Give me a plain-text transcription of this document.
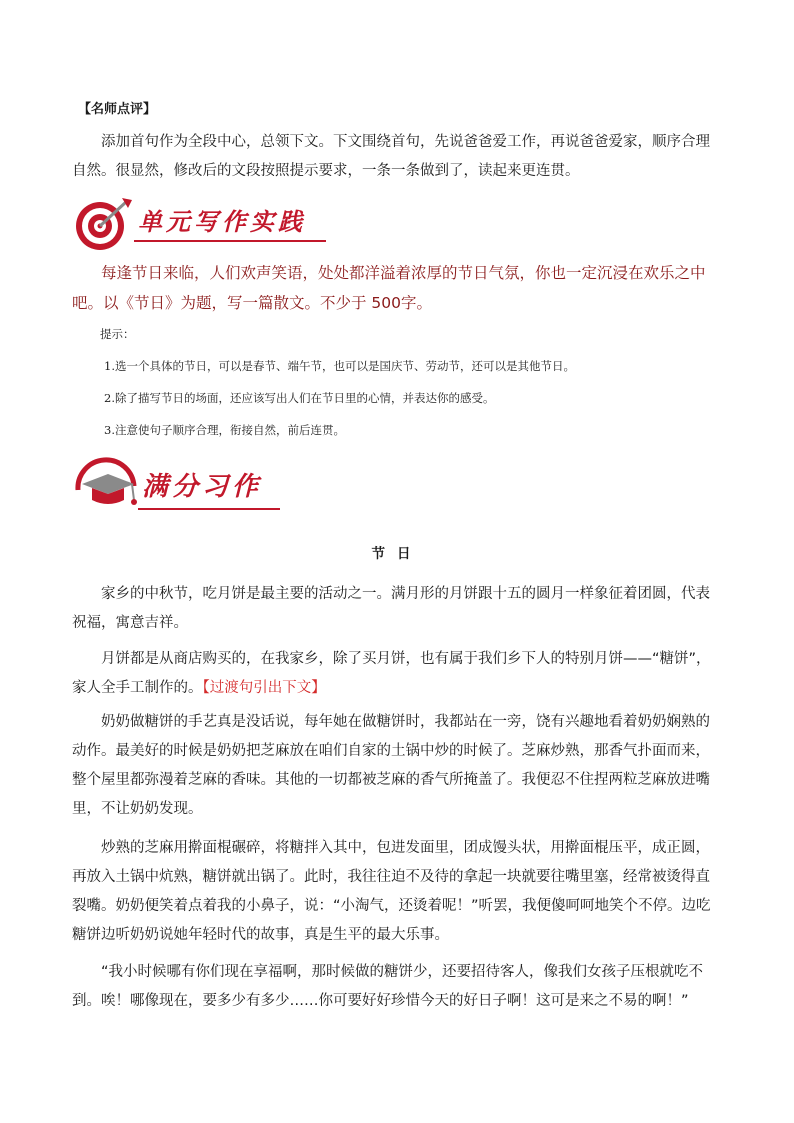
【名师点评】

添加首句作为全段中心，总领下文。下文围绕首句，先说爸爸爱工作，再说爸爸爱家，顺序合理自然。很显然，修改后的文段按照提示要求，一条一条做到了，读起来更连贯。

单元写作实践

每逢节日来临，人们欢声笑语，处处都洋溢着浓厚的节日气氛，你也一定沉浸在欢乐之中吧。以《节日》为题，写一篇散文。不少于 500字。

提示：
1.选一个具体的节日，可以是春节、端午节，也可以是国庆节、劳动节，还可以是其他节日。
2.除了描写节日的场面，还应该写出人们在节日里的心情，并表达你的感受。
3.注意使句子顺序合理，衔接自然，前后连贯。
满分习作
节日

家乡的中秋节，吃月饼是最主要的活动之一。满月形的月饼跟十五的圆月一样象征着团圆，代表祝福，寓意吉祥。

月饼都是从商店购买的，在我家乡，除了买月饼，也有属于我们乡下人的特别月饼——“糖饼”，家人全手工制作的。【过渡句引出下文】

奶奶做糖饼的手艺真是没话说，每年她在做糖饼时，我都站在一旁，饶有兴趣地看着奶奶娴熟的动作。最美好的时候是奶奶把芝麻放在咱们自家的土锅中炒的时候了。芝麻炒熟，那香气扑面而来，整个屋里都弥漫着芝麻的香味。其他的一切都被芝麻的香气所掩盖了。我便忍不住捏两粒芝麻放进嘴里，不让奶奶发现。

炒熟的芝麻用擀面棍碾碎，将糖拌入其中，包进发面里，团成馒头状，用擀面棍压平，成正圆，再放入土锅中炕熟，糖饼就出锅了。此时，我往往迫不及待的拿起一块就要往嘴里塞，经常被烫得直裂嘴。奶奶便笑着点着我的小鼻子，说：“小淘气，还烫着呢！”听罢，我便傻呵呵地笑个不停。边吃糖饼边听奶奶说她年轻时代的故事，真是生平的最大乐事。

“我小时候哪有你们现在享福啊，那时候做的糖饼少，还要招待客人，像我们女孩子压根就吃不到。唉！哪像现在，要多少有多少……你可要好好珍惜今天的好日子啊！这可是来之不易的啊！”
